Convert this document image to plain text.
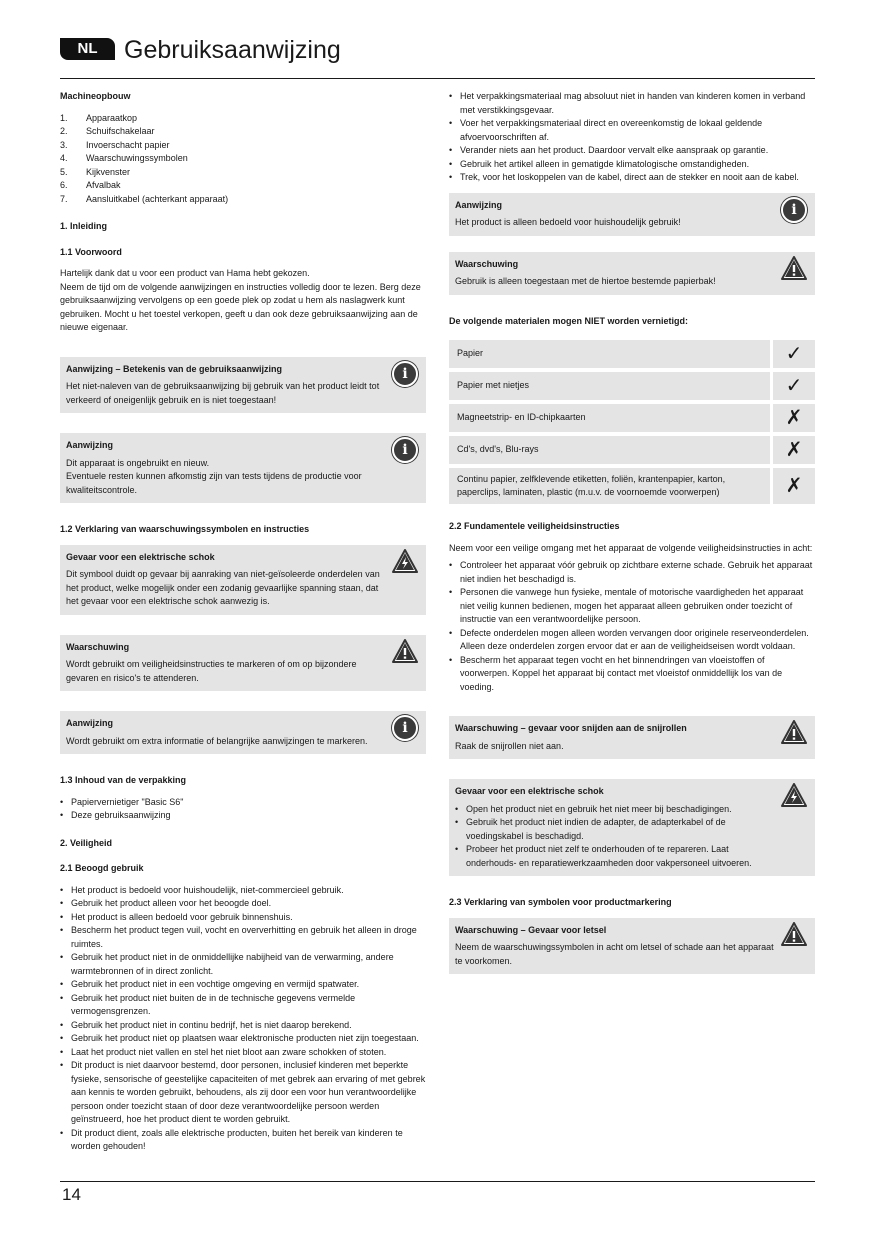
NL	Gebruiksaanwijzing
Machineopbouw
1.	Apparaatkop
2.	Schuifschakelaar
3.	Invoerschacht papier
4.	Waarschuwingssymbolen
5.	Kijkvenster
6.	Afvalbak
7.	Aansluitkabel (achterkant apparaat)
1. Inleiding
1.1 Voorwoord

Hartelijk dank dat u voor een product van Hama hebt gekozen.
Neem de tijd om de volgende aanwijzingen en instructies volledig door te lezen. Berg deze gebruiksaanwijzing vervolgens op een goede plek op zodat u hem als naslagwerk kunt gebruiken. Mocht u het toestel verkopen, geeft u dan ook deze gebruiksaanwijzing aan de nieuwe eigenaar.

i
Aanwijzing – Betekenis van de gebruiksaanwijzing

Het niet-naleven van de gebruiksaanwijzing bij gebruik van het product leidt tot verkeerd of oneigenlijk gebruik en is niet toegestaan!

i
Aanwijzing

Dit apparaat is ongebruikt en nieuw.
Eventuele resten kunnen afkomstig zijn van tests tijdens de productie voor kwaliteitscontrole.

1.2 Verklaring van waarschuwingssymbolen en instructies
Gevaar voor een elektrische schok

Dit symbool duidt op gevaar bij aanraking van niet-geïsoleerde onderdelen van het product, welke mogelijk onder een zodanig gevaarlijke spanning staan, dat het gevaar voor een elektrische schok aanwezig is.

Waarschuwing

Wordt gebruikt om veiligheidsinstructies te markeren of om op bijzondere gevaren en risico's te attenderen.

i
Aanwijzing

Wordt gebruikt om extra informatie of belangrijke aanwijzingen te markeren.

1.3 Inhoud van de verpakking
• Papiervernietiger "Basic S6"
• Deze gebruiksaanwijzing
2. Veiligheid
2.1 Beoogd gebruik
• Het product is bedoeld voor huishoudelijk, niet-commercieel gebruik.
• Gebruik het product alleen voor het beoogde doel.
• Het product is alleen bedoeld voor gebruik binnenshuis.
• Bescherm het product tegen vuil, vocht en oververhitting en gebruik het alleen in droge ruimtes.
• Gebruik het product niet in de onmiddellijke nabijheid van de verwarming, andere warmtebronnen of in direct zonlicht.
• Gebruik het product niet in een vochtige omgeving en vermijd spatwater.
• Gebruik het product niet buiten de in de technische gegevens vermelde vermogensgrenzen.
• Gebruik het product niet in continu bedrijf, het is niet daarop berekend.
• Gebruik het product niet op plaatsen waar elektronische producten niet zijn toegestaan.
• Laat het product niet vallen en stel het niet bloot aan zware schokken of stoten.
• Dit product is niet daarvoor bestemd, door personen, inclusief kinderen met beperkte fysieke, sensorische of geestelijke capaciteiten of met gebrek aan ervaring of met gebrek aan kennis te worden gebruikt, behoudens, als zij door een voor hun verantwoordelijke persoon onder toezicht staan of door deze verantwoordelijke persoon werden geïnstrueerd, hoe het product dient te worden gebruikt.
• Dit product dient, zoals alle elektrische producten, buiten het bereik van kinderen te worden gehouden!
• Het verpakkingsmateriaal mag absoluut niet in handen van kinderen komen in verband met verstikkingsgevaar.
• Voer het verpakkingsmateriaal direct en overeenkomstig de lokaal geldende afvoervoorschriften af.
• Verander niets aan het product. Daardoor vervalt elke aanspraak op garantie.
• Gebruik het artikel alleen in gematigde klimatologische omstandigheden.
• Trek, voor het loskoppelen van de kabel, direct aan de stekker en nooit aan de kabel.
i
Aanwijzing

Het product is alleen bedoeld voor huishoudelijk gebruik!

Waarschuwing

Gebruik is alleen toegestaan met de hiertoe bestemde papierbak!

De volgende materialen mogen NIET worden vernietigd:
Papier	✓
Papier met nietjes	✓
Magneetstrip- en ID-chipkaarten	✗
Cd's, dvd's, Blu-rays	✗
Continu papier, zelfklevende etiketten, foliën, krantenpapier, karton, paperclips, laminaten, plastic (m.u.v. de voornoemde voorwerpen)	✗
2.2 Fundamentele veiligheidsinstructies

Neem voor een veilige omgang met het apparaat de volgende veiligheidsinstructies in acht:

• Controleer het apparaat vóór gebruik op zichtbare externe schade. Gebruik het apparaat niet indien het beschadigd is.
• Personen die vanwege hun fysieke, mentale of motorische vaardigheden het apparaat niet veilig kunnen bedienen, mogen het apparaat alleen gebruiken onder toezicht of instructie van een verantwoordelijke persoon.
• Defecte onderdelen mogen alleen worden vervangen door originele reserveonderdelen. Alleen deze onderdelen zorgen ervoor dat er aan de veiligheidseisen wordt voldaan.
• Bescherm het apparaat tegen vocht en het binnendringen van vloeistoffen of voorwerpen. Koppel het apparaat bij contact met vloeistof onmiddellijk los van de voeding.
Waarschuwing – gevaar voor snijden aan de snijrollen

Raak de snijrollen niet aan.

Gevaar voor een elektrische schok
• Open het product niet en gebruik het niet meer bij beschadigingen.
• Gebruik het product niet indien de adapter, de adapterkabel of de voedingskabel is beschadigd.
• Probeer het product niet zelf te onderhouden of te repareren. Laat onderhouds- en reparatiewerkzaamheden door vakpersoneel uitvoeren.
2.3 Verklaring van symbolen voor productmarkering
Waarschuwing – Gevaar voor letsel

Neem de waarschuwingssymbolen in acht om letsel of schade aan het apparaat te voorkomen.

14
